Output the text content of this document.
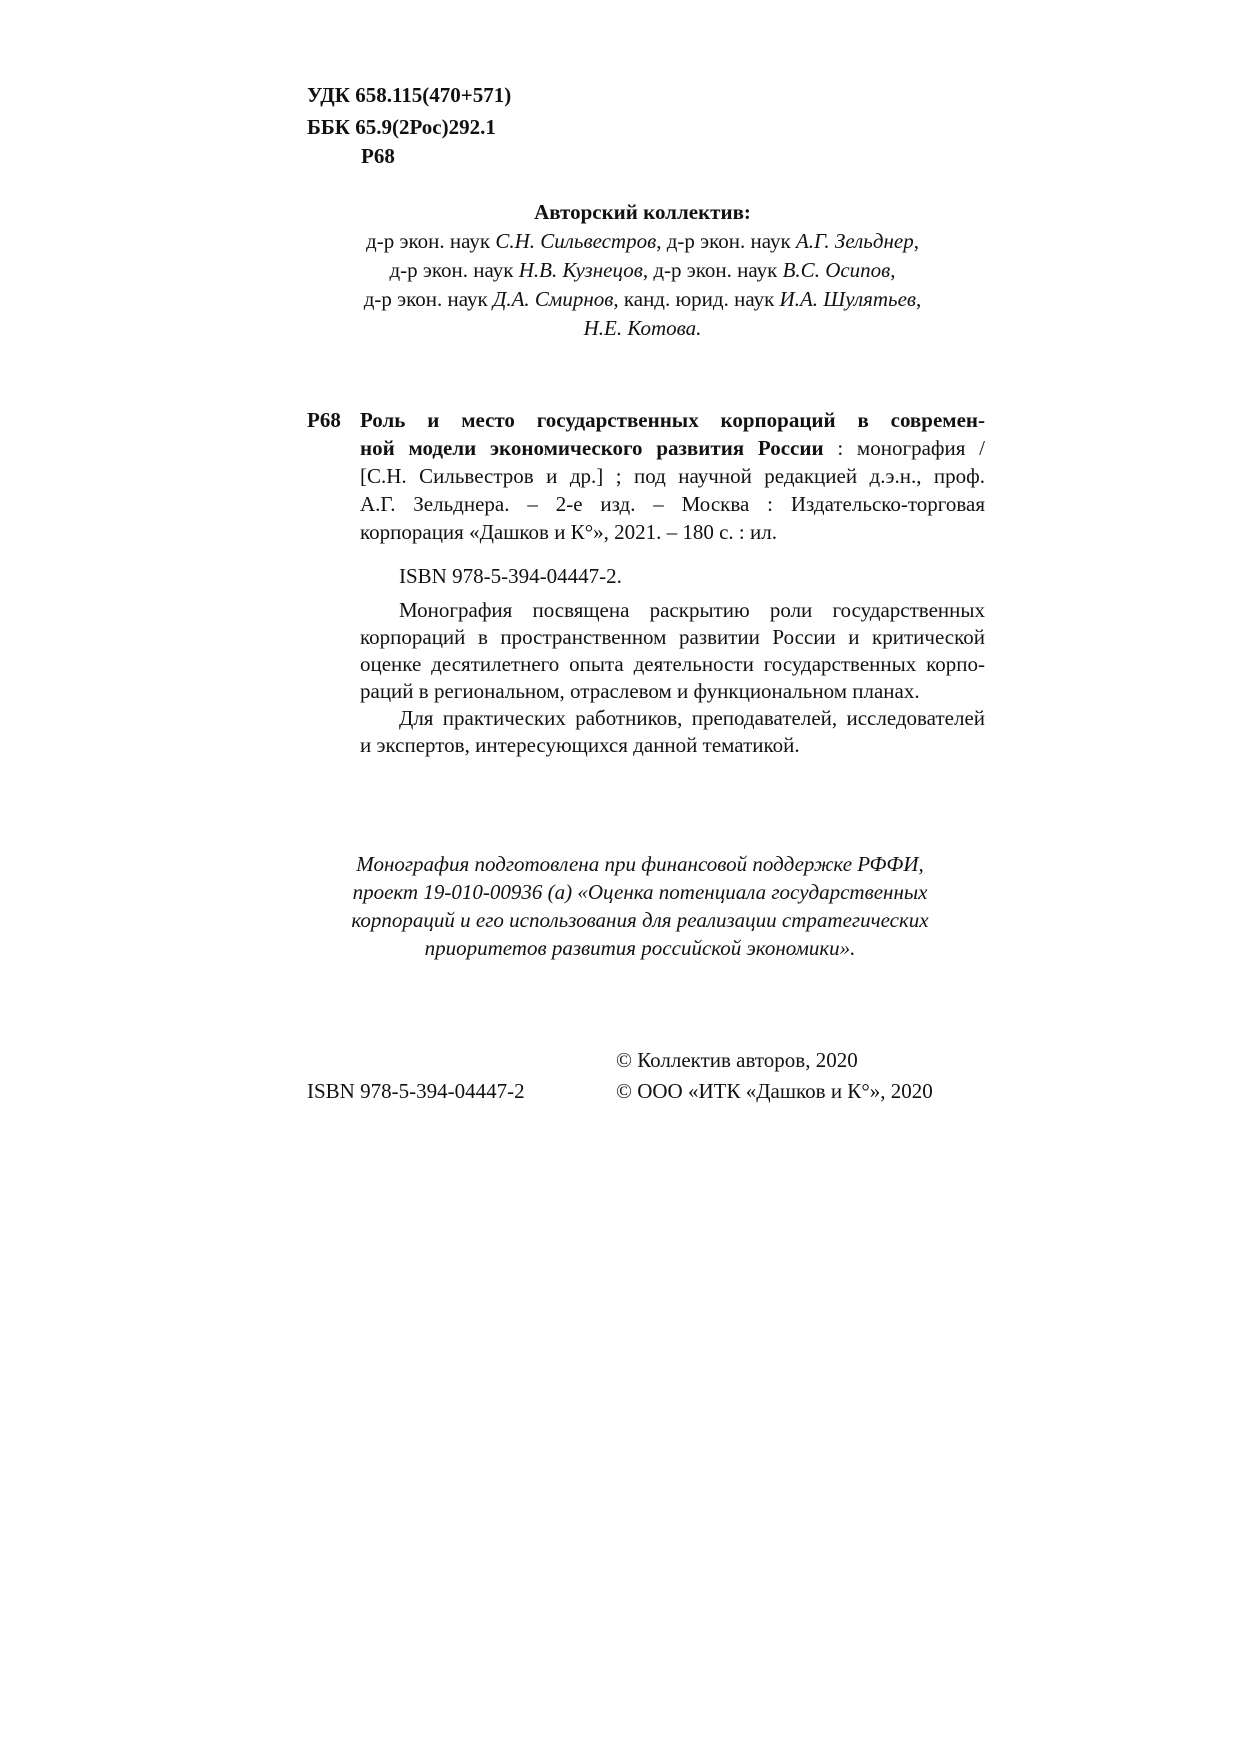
УДК 658.115(470+571)
ББК 65.9(2Рос)292.1
Р68
Авторский коллектив:
д-р экон. наук С.Н. Сильвестров, д-р экон. наук А.Г. Зельднер,
д-р экон. наук Н.В. Кузнецов, д-р экон. наук В.С. Осипов,
д-р экон. наук Д.А. Смирнов, канд. юрид. наук И.А. Шулятьев,
Н.Е. Котова.
Р68 Роль и место государственных корпораций в современ-
ной модели экономического развития России : монография /
[С.Н. Сильвестров и др.] ; под научной редакцией д.э.н., проф.
А.Г. Зельднера. – 2-е изд. – Москва : Издательско-торговая
корпорация «Дашков и К°», 2021. – 180 с. : ил.
ISBN 978-5-394-04447-2.
Монография посвящена раскрытию роли государственных
корпораций в пространственном развитии России и критической
оценке десятилетнего опыта деятельности государственных корпо-
раций в региональном, отраслевом и функциональном планах.
Для практических работников, преподавателей, исследователей
и экспертов, интересующихся данной тематикой.
Монография подготовлена при финансовой поддержке РФФИ,
проект 19-010-00936 (а) «Оценка потенциала государственных
корпораций и его использования для реализации стратегических
приоритетов развития российской экономики».
© Коллектив авторов, 2020
ISBN 978-5-394-04447-2	© ООО «ИТК «Дашков и К°», 2020
